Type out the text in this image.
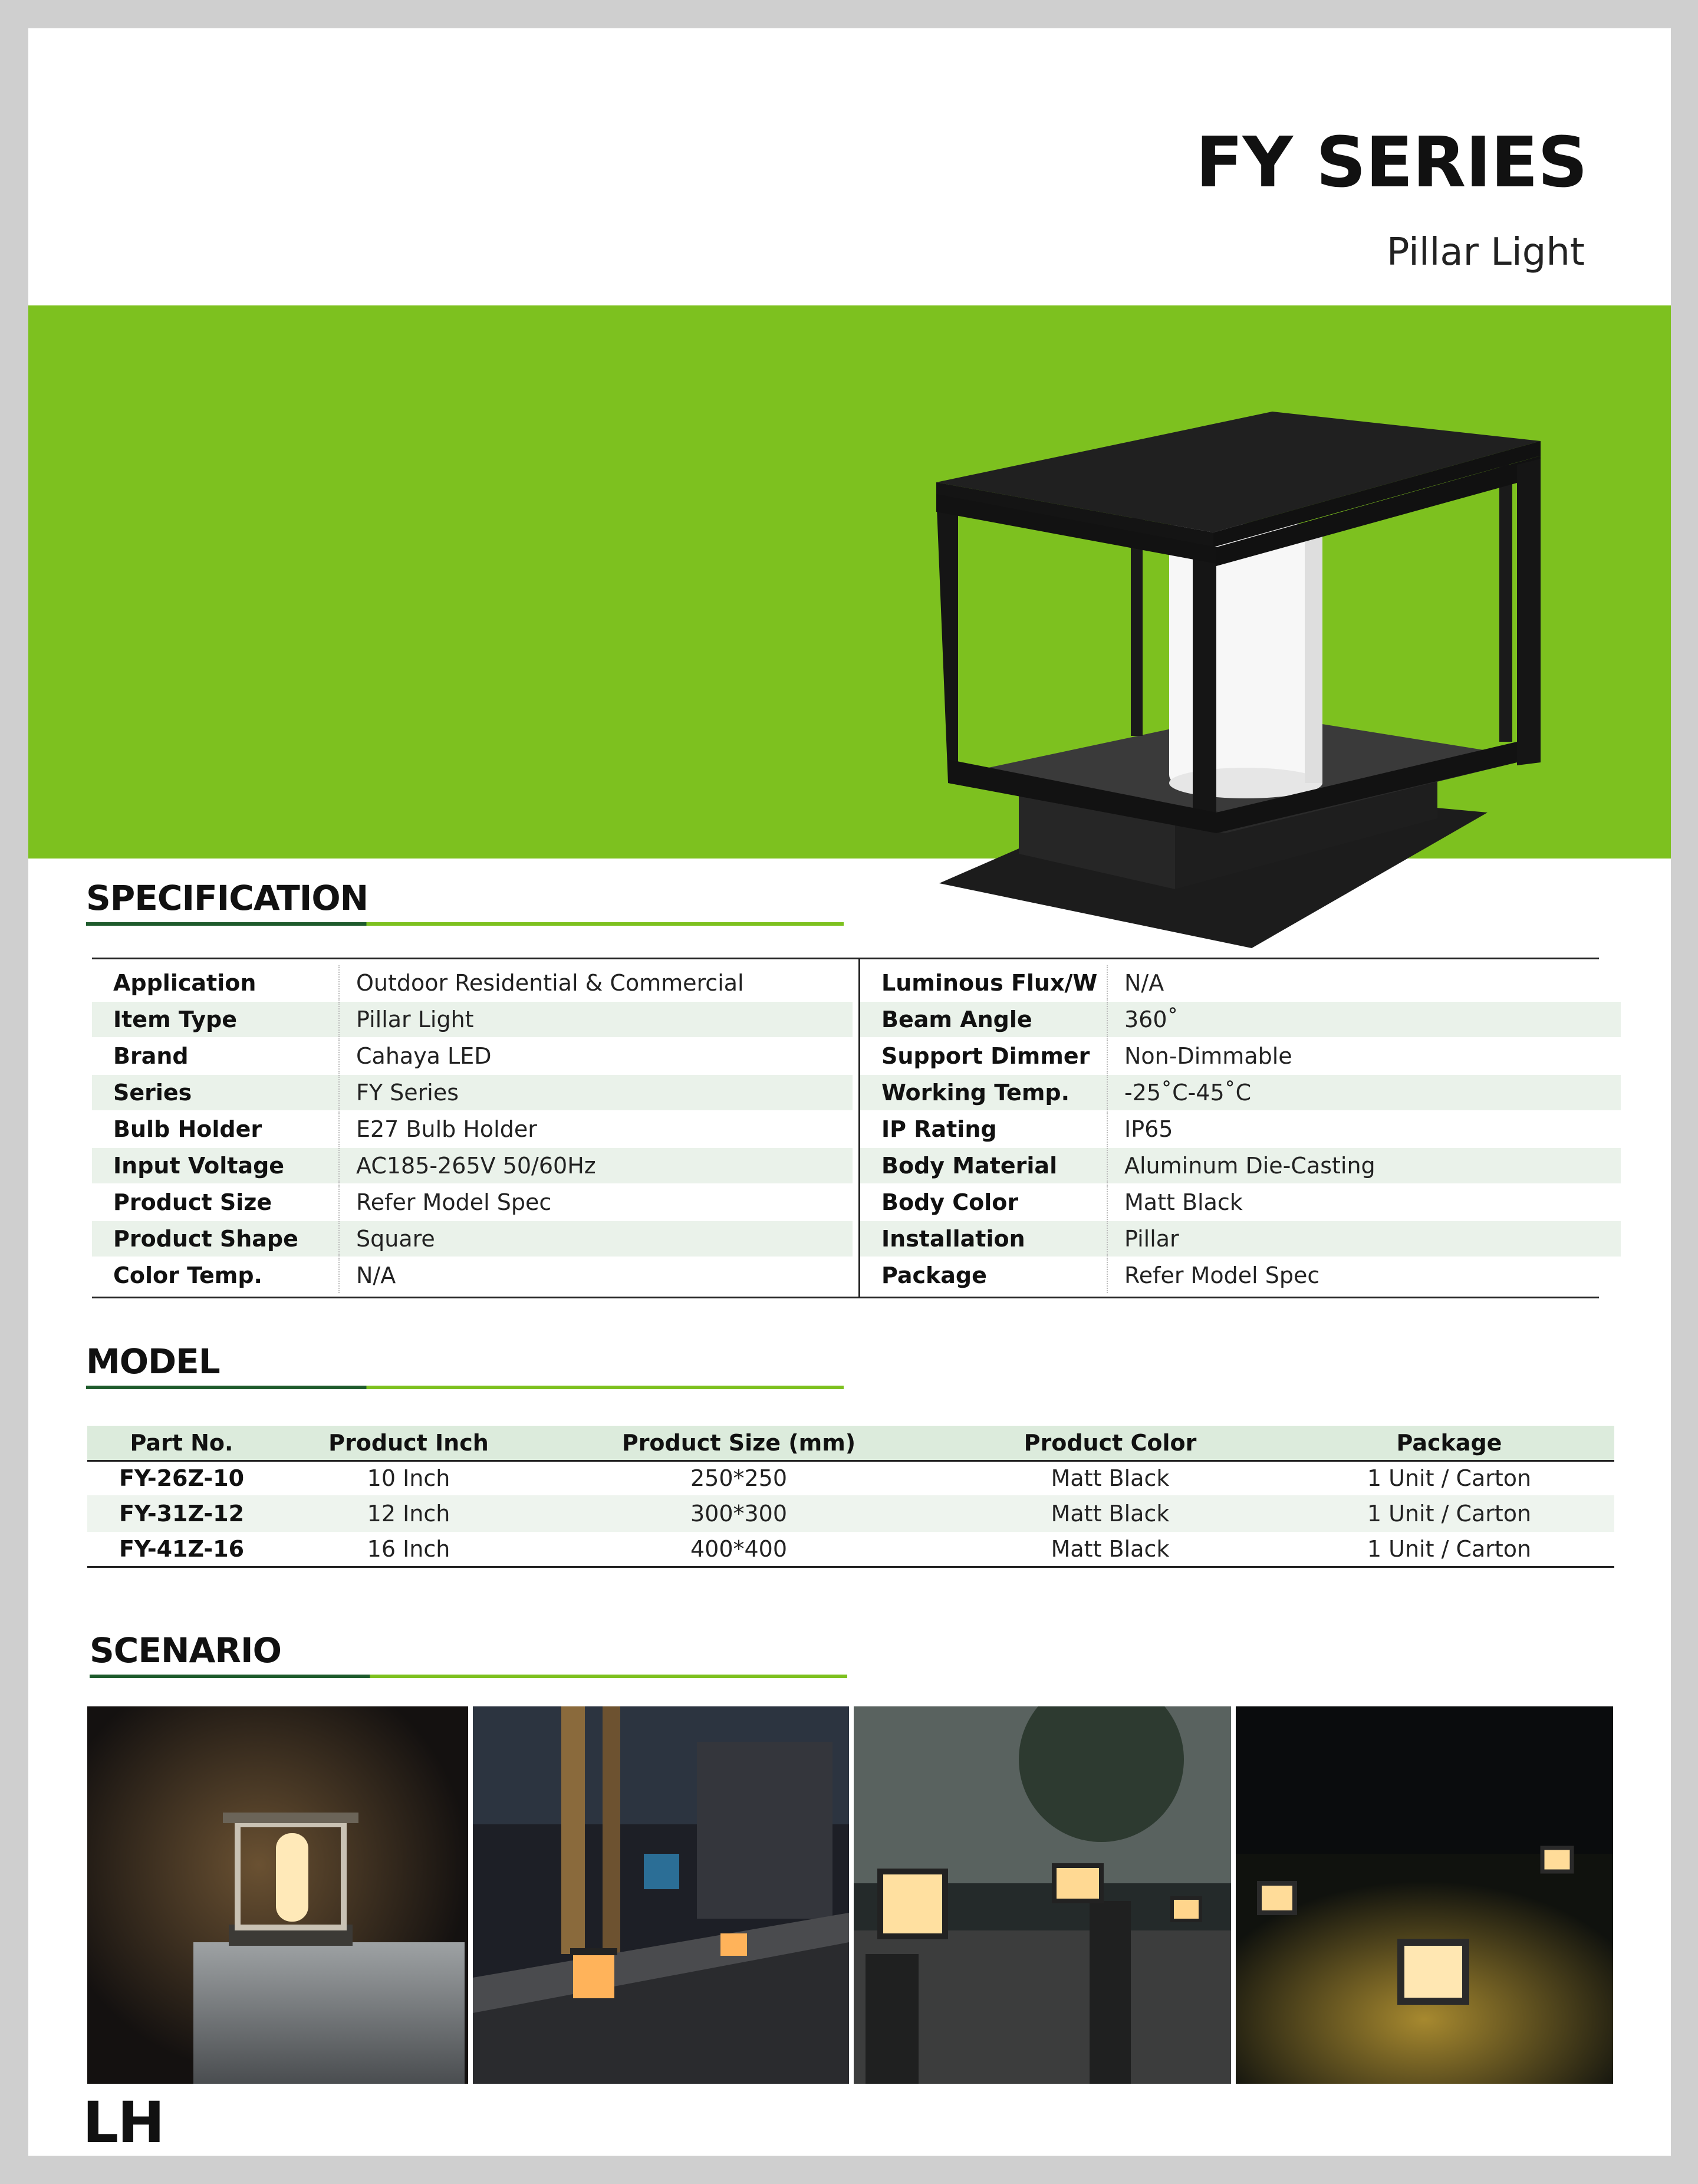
FY SERIES
Pillar Light
SPECIFICATION
Application	Outdoor Residential & Commercial
Item Type	Pillar Light
Brand	Cahaya LED
Series	FY Series
Bulb Holder	E27 Bulb Holder
Input Voltage	AC185-265V 50/60Hz
Product Size	Refer Model Spec
Product Shape	Square
Color Temp.	N/A
Luminous Flux/W	N/A
Beam Angle	360˚
Support Dimmer	Non-Dimmable
Working Temp.	-25˚C-45˚C
IP Rating	IP65
Body Material	Aluminum Die-Casting
Body Color	Matt Black
Installation	Pillar
Package	Refer Model Spec
MODEL
Part No.	Product Inch	Product Size (mm)	Product Color	Package
FY-26Z-10	10 Inch	250*250	Matt Black	1 Unit / Carton
FY-31Z-12	12 Inch	300*300	Matt Black	1 Unit / Carton
FY-41Z-16	16 Inch	400*400	Matt Black	1 Unit / Carton
SCENARIO
LH
